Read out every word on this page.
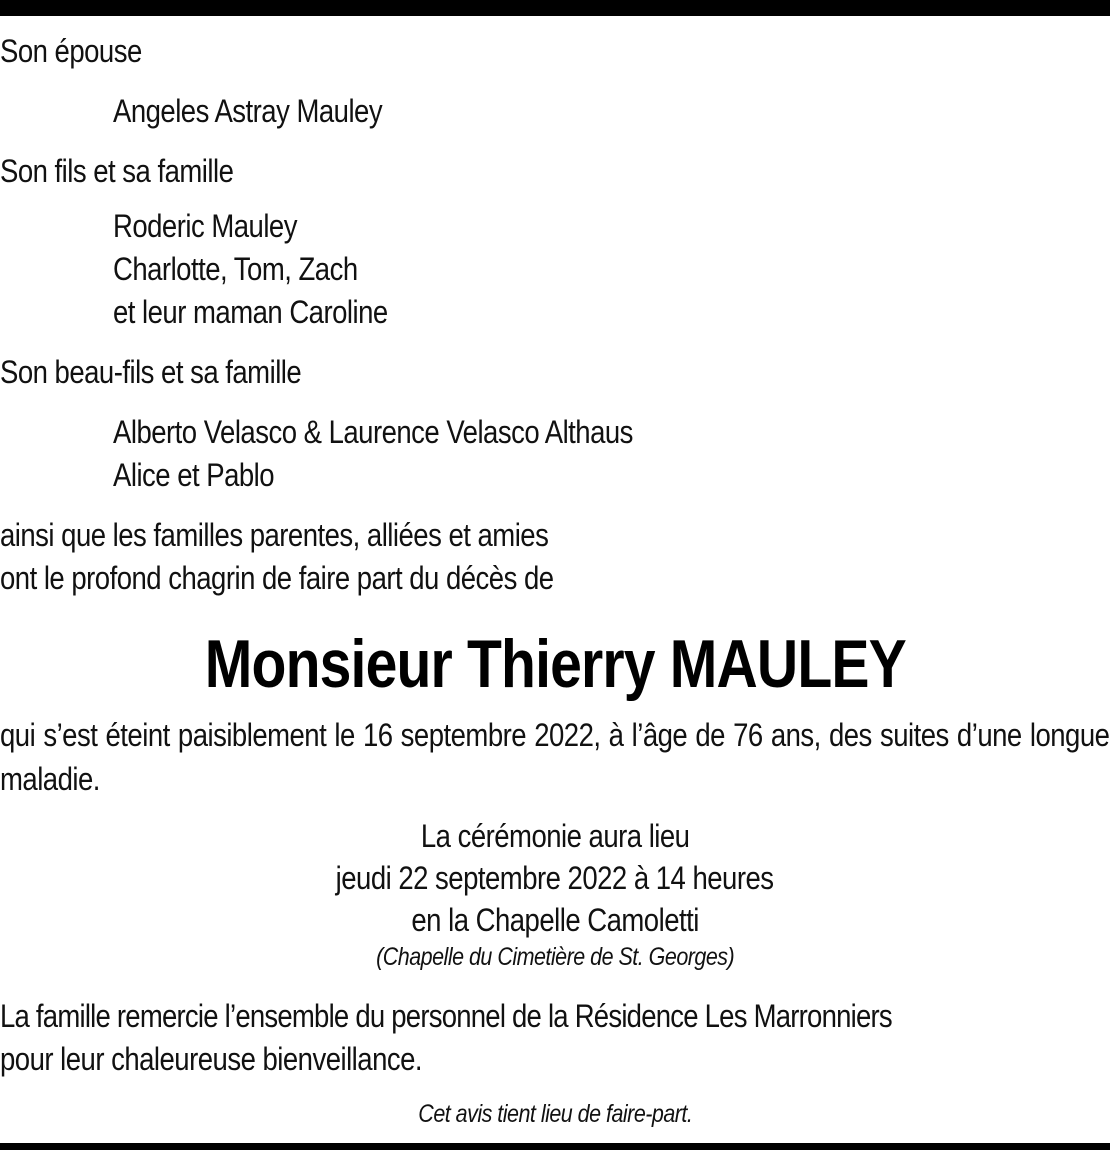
Son épouse
Angeles Astray Mauley
Son fils et sa famille
Roderic Mauley
Charlotte, Tom, Zach
et leur maman Caroline
Son beau-fils et sa famille
Alberto Velasco & Laurence Velasco Althaus
Alice et Pablo
ainsi que les familles parentes, alliées et amies
ont le profond chagrin de faire part du décès de
Monsieur Thierry MAULEY
qui s’est éteint paisiblement le 16 septembre 2022, à l’âge de 76 ans, des suites d’une longue maladie.
La cérémonie aura lieu
jeudi 22 septembre 2022 à 14 heures
en la Chapelle Camoletti
(Chapelle du Cimetière de St. Georges)
La famille remercie l’ensemble du personnel de la Résidence Les Marronniers
pour leur chaleureuse bienveillance.
Cet avis tient lieu de faire-part.
